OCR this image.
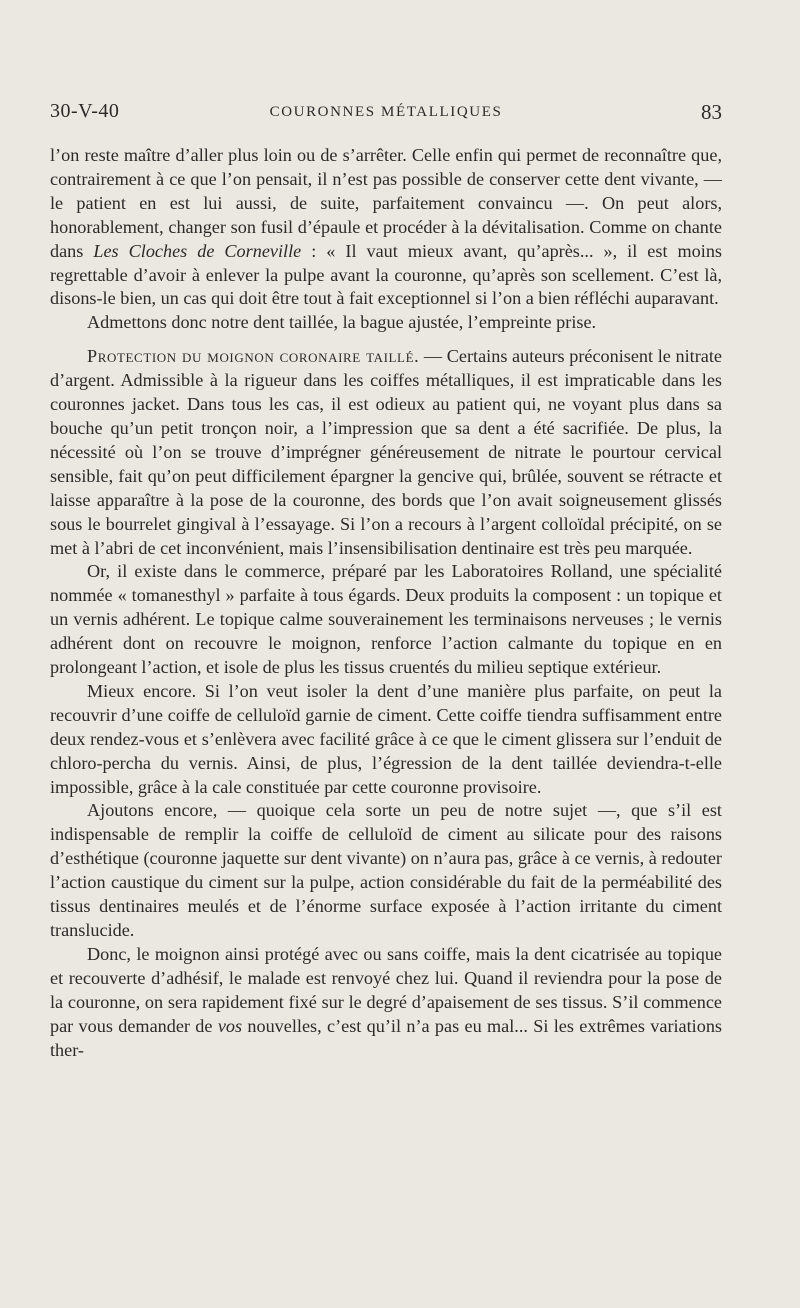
30-V-40	COURONNES MÉTALLIQUES	83

l’on reste maître d’aller plus loin ou de s’arrêter. Celle enfin qui permet de reconnaître que, contrairement à ce que l’on pensait, il n’est pas possible de conserver cette dent vivante, — le patient en est lui aussi, de suite, parfaitement convaincu —. On peut alors, honorablement, changer son fusil d’épaule et procéder à la dévitalisation. Comme on chante dans Les Cloches de Corneville : « Il vaut mieux avant, qu’après... », il est moins regrettable d’avoir à enlever la pulpe avant la couronne, qu’après son scellement. C’est là, disons-le bien, un cas qui doit être tout à fait exceptionnel si l’on a bien réfléchi auparavant.

Admettons donc notre dent taillée, la bague ajustée, l’empreinte prise.

Protection du moignon coronaire taillé. — Certains auteurs préconisent le nitrate d’argent. Admissible à la rigueur dans les coiffes métalliques, il est impraticable dans les couronnes jacket. Dans tous les cas, il est odieux au patient qui, ne voyant plus dans sa bouche qu’un petit tronçon noir, a l’impression que sa dent a été sacrifiée. De plus, la nécessité où l’on se trouve d’imprégner généreusement de nitrate le pourtour cervical sensible, fait qu’on peut difficilement épargner la gencive qui, brûlée, souvent se rétracte et laisse apparaître à la pose de la couronne, des bords que l’on avait soigneusement glissés sous le bourrelet gingival à l’essayage. Si l’on a recours à l’argent colloïdal précipité, on se met à l’abri de cet inconvénient, mais l’insensibilisation dentinaire est très peu marquée.

Or, il existe dans le commerce, préparé par les Laboratoires Rolland, une spécialité nommée « tomanesthyl » parfaite à tous égards. Deux produits la composent : un topique et un vernis adhérent. Le topique calme souverainement les terminaisons nerveuses ; le vernis adhérent dont on recouvre le moignon, renforce l’action calmante du topique en en prolongeant l’action, et isole de plus les tissus cruentés du milieu septique extérieur.

Mieux encore. Si l’on veut isoler la dent d’une manière plus parfaite, on peut la recouvrir d’une coiffe de celluloïd garnie de ciment. Cette coiffe tiendra suffisamment entre deux rendez-vous et s’enlèvera avec facilité grâce à ce que le ciment glissera sur l’enduit de chloro-percha du vernis. Ainsi, de plus, l’égression de la dent taillée deviendra-t-elle impossible, grâce à la cale constituée par cette couronne provisoire.

Ajoutons encore, — quoique cela sorte un peu de notre sujet —, que s’il est indispensable de remplir la coiffe de celluloïd de ciment au silicate pour des raisons d’esthétique (couronne jaquette sur dent vivante) on n’aura pas, grâce à ce vernis, à redouter l’action caustique du ciment sur la pulpe, action considérable du fait de la perméabilité des tissus dentinaires meulés et de l’énorme surface exposée à l’action irritante du ciment translucide.

Donc, le moignon ainsi protégé avec ou sans coiffe, mais la dent cicatrisée au topique et recouverte d’adhésif, le malade est renvoyé chez lui. Quand il reviendra pour la pose de la couronne, on sera rapidement fixé sur le degré d’apaisement de ses tissus. S’il commence par vous demander de vos nouvelles, c’est qu’il n’a pas eu mal... Si les extrêmes variations ther-
